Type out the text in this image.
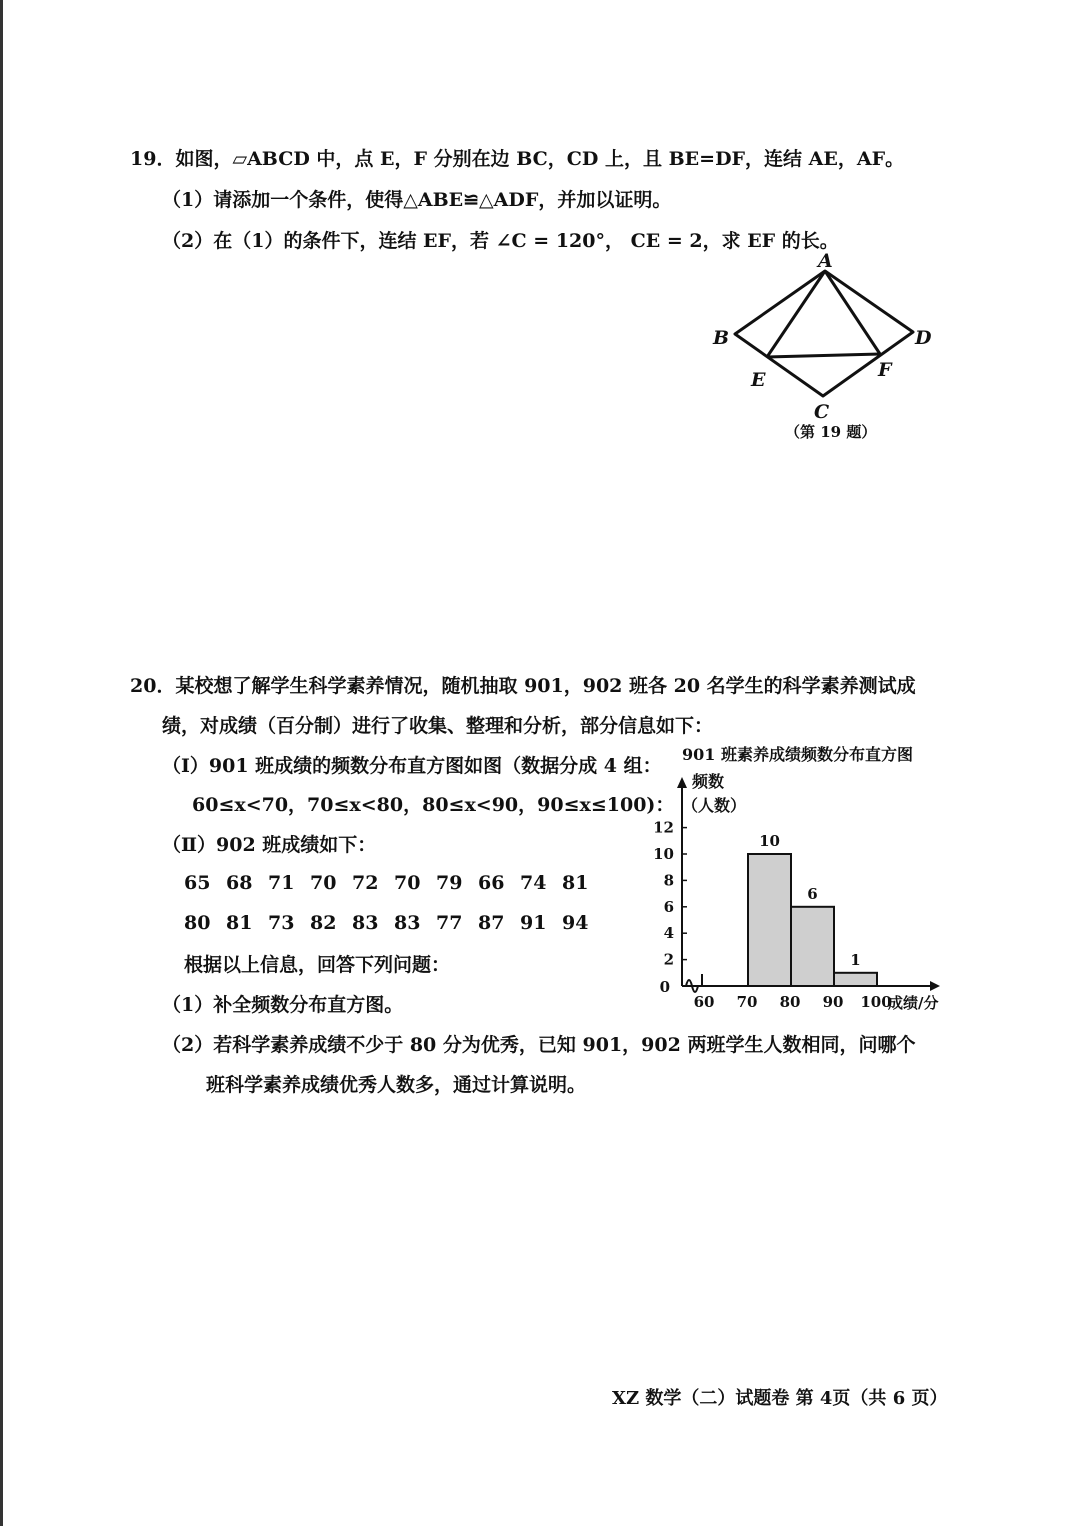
19．如图，▱ABCD 中，点 E，F 分别在边 BC，CD 上，且 BE=DF，连结 AE，AF。
（1）请添加一个条件，使得△ABE≌△ADF，并加以证明。
（2）在（1）的条件下，连结 EF，若 ∠C = 120°， CE = 2，求 EF 的长。
A
B	D
E	F
C
（第 19 题）
20．某校想了解学生科学素养情况，随机抽取 901，902 班各 20 名学生的科学素养测试成
绩，对成绩（百分制）进行了收集、整理和分析，部分信息如下：
（Ⅰ）901 班成绩的频数分布直方图如图（数据分成 4 组：
60≤x<70，70≤x<80，80≤x<90，90≤x≤100)：
（Ⅱ）902 班成绩如下：
65 68 71 70 72 70 79 66 74 81
80 81 73 82 83 83 77 87 91 94
根据以上信息，回答下列问题：
（1）补全频数分布直方图。
（2）若科学素养成绩不少于 80 分为优秀，已知 901，902 两班学生人数相同，问哪个
班科学素养成绩优秀人数多，通过计算说明。
901 班素养成绩频数分布直方图
2
4
6
8
10
12
0
60 70 80 90 100
成绩/分
频数
（人数）
10
6
1
XZ 数学（二）试题卷 第 4页（共 6 页）
